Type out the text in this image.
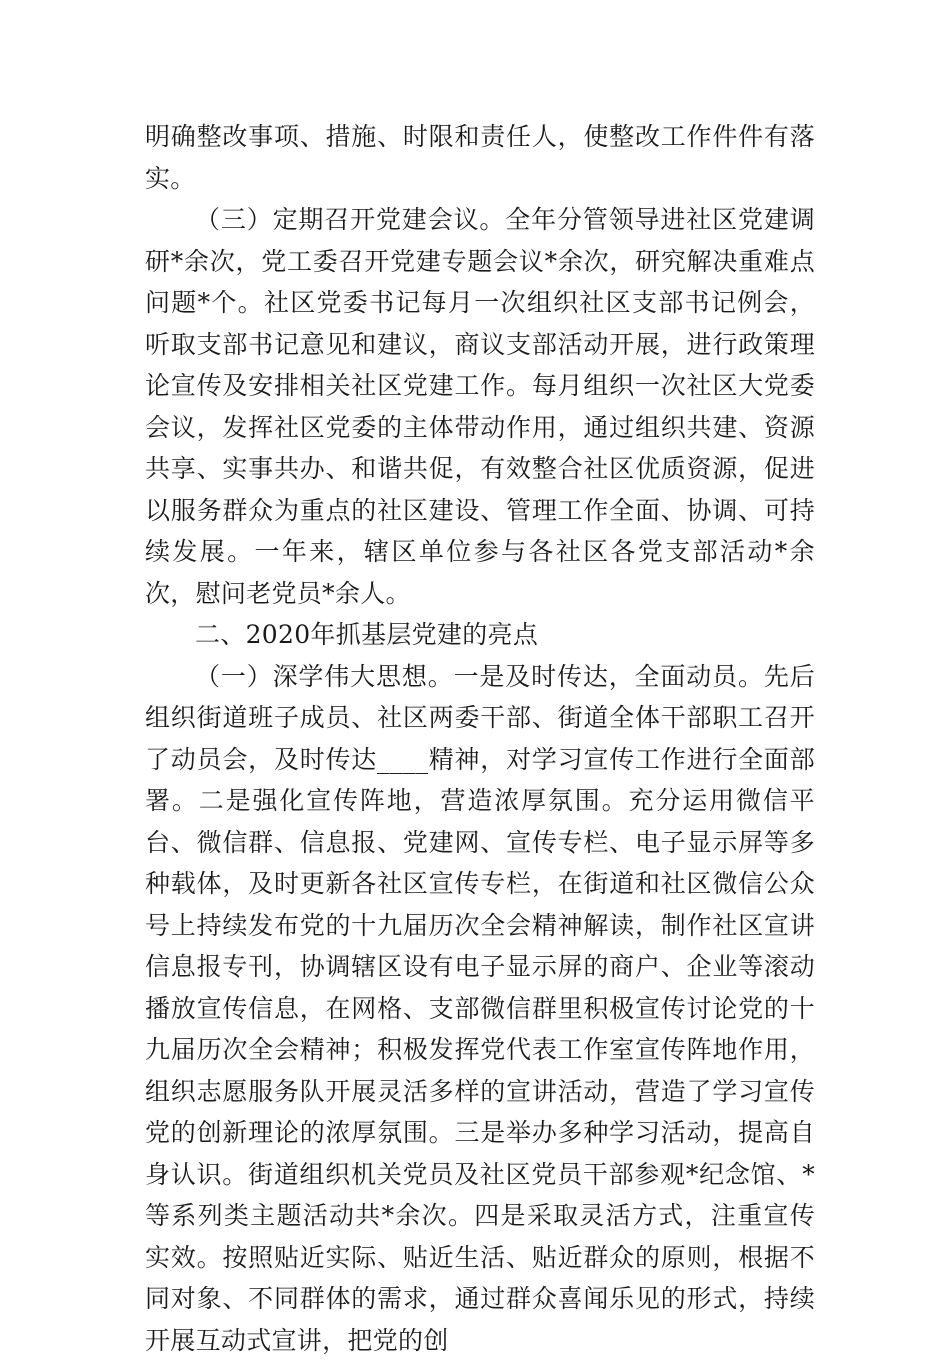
明确整改事项、措施、时限和责任人，使整改工作件件有落实。

（三）定期召开党建会议。全年分管领导进社区党建调研*余次，党工委召开党建专题会议*余次，研究解决重难点问题*个。社区党委书记每月一次组织社区支部书记例会，听取支部书记意见和建议，商议支部活动开展，进行政策理论宣传及安排相关社区党建工作。每月组织一次社区大党委会议，发挥社区党委的主体带动作用，通过组织共建、资源共享、实事共办、和谐共促，有效整合社区优质资源，促进以服务群众为重点的社区建设、管理工作全面、协调、可持续发展。一年来，辖区单位参与各社区各党支部活动*余次，慰问老党员*余人。

二、2020年抓基层党建的亮点

（一）深学伟大思想。一是及时传达，全面动员。先后组织街道班子成员、社区两委干部、街道全体干部职工召开了动员会，及时传达____精神，对学习宣传工作进行全面部署。二是强化宣传阵地，营造浓厚氛围。充分运用微信平台、微信群、信息报、党建网、宣传专栏、电子显示屏等多种载体，及时更新各社区宣传专栏，在街道和社区微信公众号上持续发布党的十九届历次全会精神解读，制作社区宣讲信息报专刊，协调辖区设有电子显示屏的商户、企业等滚动播放宣传信息，在网格、支部微信群里积极宣传讨论党的十九届历次全会精神；积极发挥党代表工作室宣传阵地作用，组织志愿服务队开展灵活多样的宣讲活动，营造了学习宣传党的创新理论的浓厚氛围。三是举办多种学习活动，提高自身认识。街道组织机关党员及社区党员干部参观*纪念馆、*等系列类主题活动共*余次。四是采取灵活方式，注重宣传实效。按照贴近实际、贴近生活、贴近群众的原则，根据不同对象、不同群体的需求，通过群众喜闻乐见的形式，持续开展互动式宣讲，把党的创
